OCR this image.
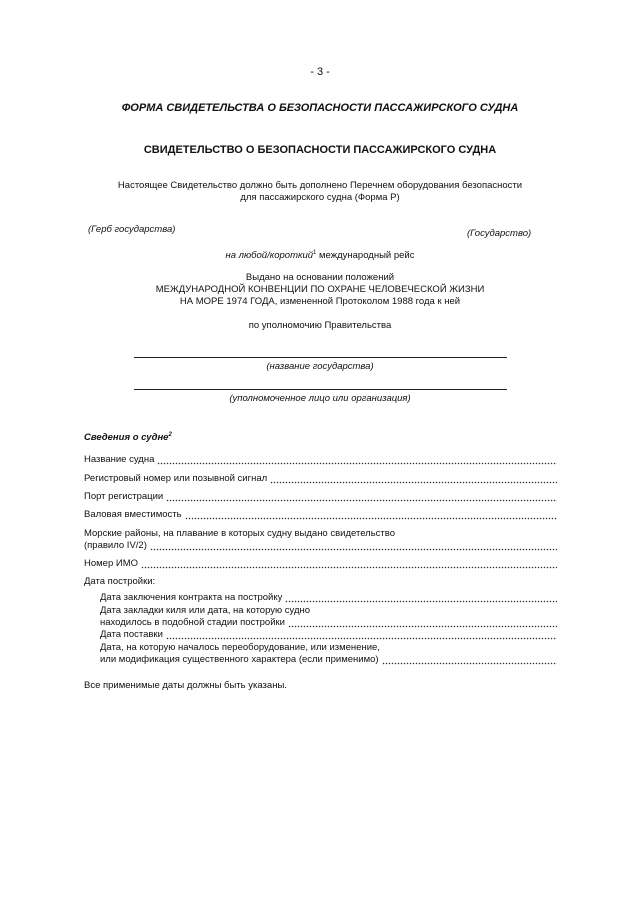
- 3 -
ФОРМА СВИДЕТЕЛЬСТВА О БЕЗОПАСНОСТИ ПАССАЖИРСКОГО СУДНА
СВИДЕТЕЛЬСТВО О БЕЗОПАСНОСТИ ПАССАЖИРСКОГО СУДНА
Настоящее Свидетельство должно быть дополнено Перечнем оборудования безопасности
для пассажирского судна (Форма P)
(Герб государства)	(Государство)
на любой/короткий$^1$ международный рейс
Выдано на основании положений
МЕЖДУНАРОДНОЙ КОНВЕНЦИИ ПО ОХРАНЕ ЧЕЛОВЕЧЕСКОЙ ЖИЗНИ
НА МОРЕ 1974 ГОДА, измененной Протоколом 1988 года к ней
по уполномочию Правительства
(название государства)
(уполномоченное лицо или организация)
Сведения о судне$^2$
Название судна
Регистровый номер или позывной сигнал
Порт регистрации
Валовая вместимость
Морские районы, на плавание в которых судну выдано свидетельство
(правило IV/2)
Номер ИМО
Дата постройки:
Дата заключения контракта на постройку
Дата закладки киля или дата, на которую судно
находилось в подобной стадии постройки
Дата поставки
Дата, на которую началось переоборудование, или изменение,
или модификация существенного характера (если применимо)
Все применимые даты должны быть указаны.
